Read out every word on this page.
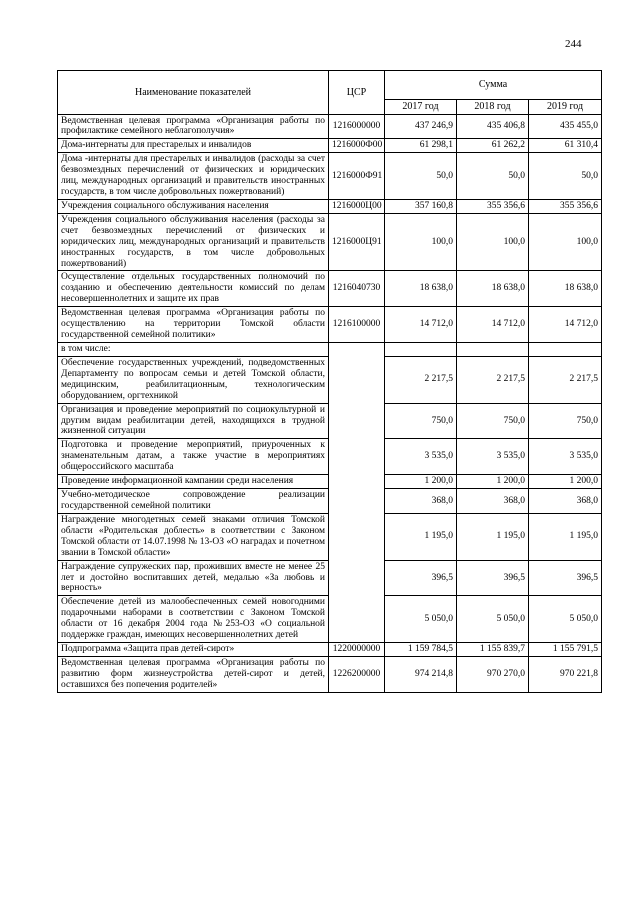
244
Наименование показателей	ЦСР	Сумма		
		2017 год	2018 год	2019 год
Ведомственная целевая программа «Организация работы по профилактике семейного неблагополучия»	1216000000	437 246,9	435 406,8	435 455,0
Дома-интернаты для престарелых и инвалидов	1216000Ф00	61 298,1	61 262,2	61 310,4
Дома -интернаты для престарелых и инвалидов (расходы за счет безвозмездных перечислений от физических и юридических лиц, международных организаций и правительств иностранных государств, в том числе добровольных пожертвований)	1216000Ф91	50,0	50,0	50,0
Учреждения социального обслуживания населения	1216000Ц00	357 160,8	355 356,6	355 356,6
Учреждения социального обслуживания населения (расходы за счет безвозмездных перечислений от физических и юридических лиц, международных организаций и правительств иностранных государств, в том числе добровольных пожертвований)	1216000Ц91	100,0	100,0	100,0
Осуществление отдельных государственных полномочий по созданию и обеспечению деятельности комиссий по делам несовершеннолетних и защите их прав	1216040730	18 638,0	18 638,0	18 638,0
Ведомственная целевая программа «Организация работы по осуществлению на территории Томской области государственной семейной политики»	1216100000	14 712,0	14 712,0	14 712,0
в том числе:				
Обеспечение государственных учреждений, подведомственных Департаменту по вопросам семьи и детей Томской области, медицинским, реабилитационным, технологическим оборудованием, оргтехникой		2 217,5	2 217,5	2 217,5
Организация и проведение мероприятий по социокультурной и другим видам реабилитации детей, находящихся в трудной жизненной ситуации		750,0	750,0	750,0
Подготовка и проведение мероприятий, приуроченных к знаменательным датам, а также участие в мероприятиях общероссийского масштаба		3 535,0	3 535,0	3 535,0
Проведение информационной кампании среди населения		1 200,0	1 200,0	1 200,0
Учебно-методическое сопровождение реализации государственной семейной политики		368,0	368,0	368,0
Награждение многодетных семей знаками отличия Томской области «Родительская доблесть» в соответствии с Законом Томской области от 14.07.1998 № 13-ОЗ «О наградах и почетном звании в Томской области»		1 195,0	1 195,0	1 195,0
Награждение супружеских пар, проживших вместе не менее 25 лет и достойно воспитавших детей, медалью «За любовь и верность»		396,5	396,5	396,5
Обеспечение детей из малообеспеченных семей новогодними подарочными наборами в соответствии с Законом Томской области от 16 декабря 2004 года №253-ОЗ «О социальной поддержке граждан, имеющих несовершеннолетних детей		5 050,0	5 050,0	5 050,0
Подпрограмма «Защита прав детей-сирот»	1220000000	1 159 784,5	1 155 839,7	1 155 791,5
Ведомственная целевая программа «Организация работы по развитию форм жизнеустройства детей-сирот и детей, оставшихся без попечения родителей»	1226200000	974 214,8	970 270,0	970 221,8
